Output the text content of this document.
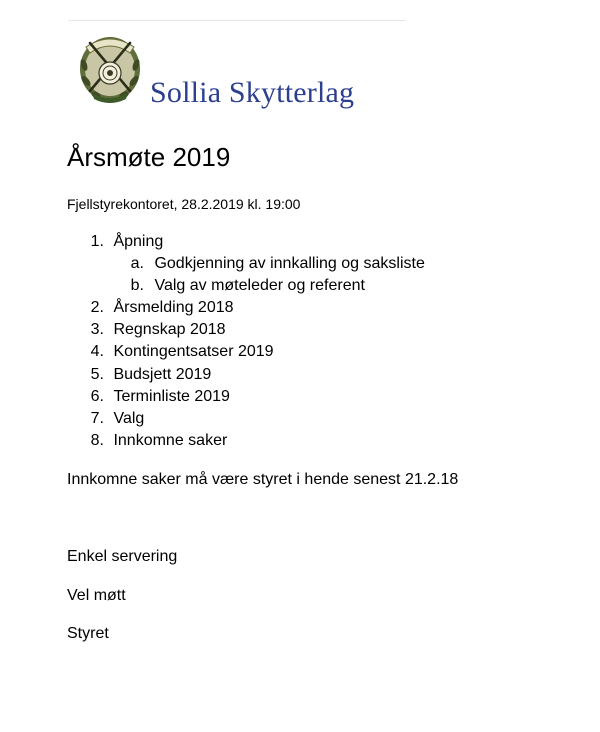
Sollia Skytterlag
Årsmøte 2019
Fjellstyrekontoret, 28.2.2019 kl. 19:00
1. Åpning
a. Godkjenning av innkalling og saksliste
b. Valg av møteleder og referent
2. Årsmelding 2018
3. Regnskap 2018
4. Kontingentsatser 2019
5. Budsjett 2019
6. Terminliste 2019
7. Valg
8. Innkomne saker
Innkomne saker må være styret i hende senest 21.2.18
Enkel servering
Vel møtt
Styret
